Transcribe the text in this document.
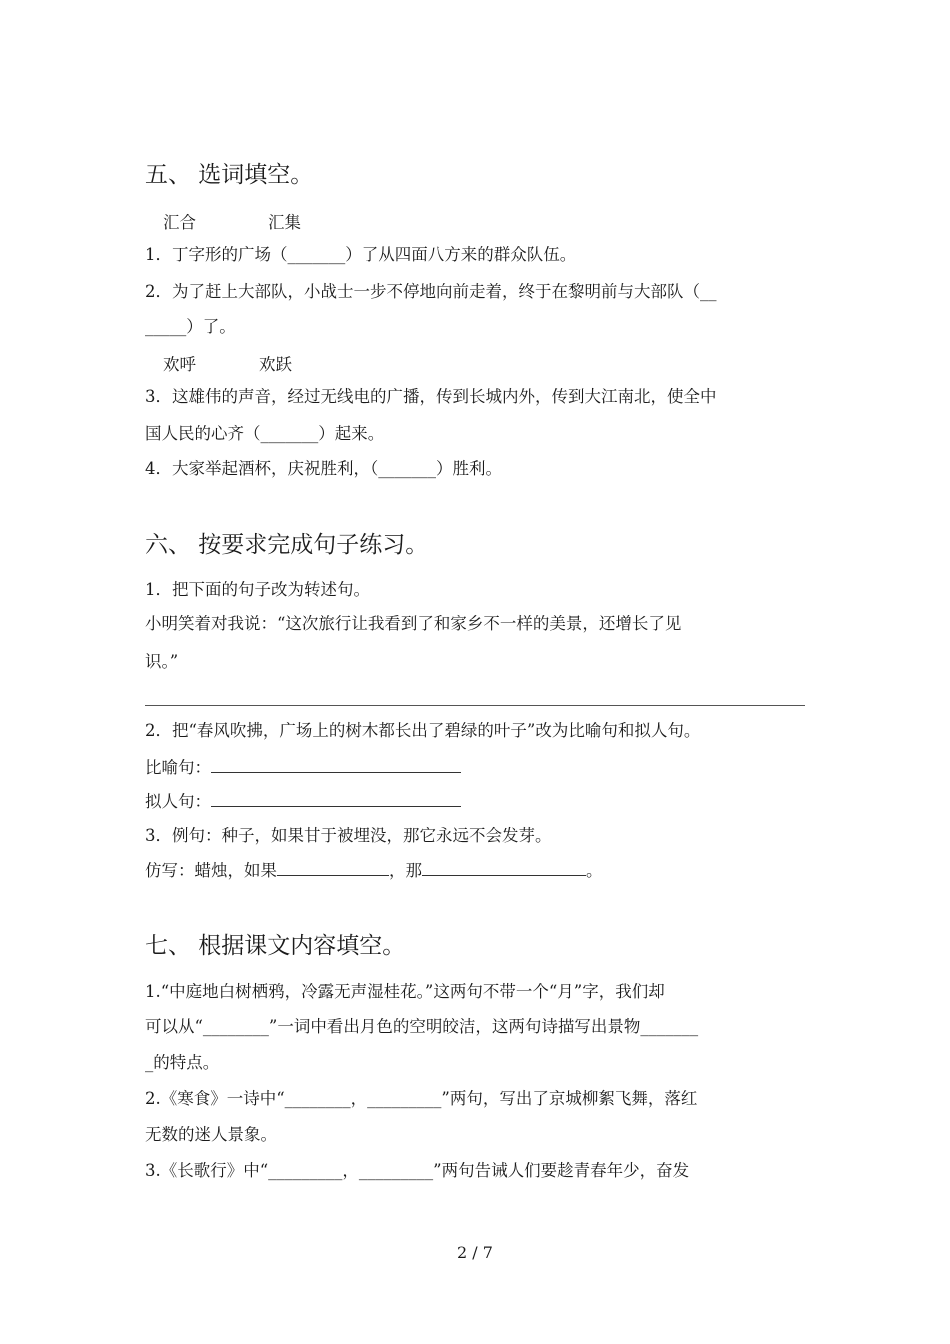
五、 选词填空。
汇合	汇集
1．丁字形的广场（_______）了从四面八方来的群众队伍。
2．为了赶上大部队，小战士一步不停地向前走着，终于在黎明前与大部队（__
_____）了。
欢呼	欢跃
3．这雄伟的声音，经过无线电的广播，传到长城内外，传到大江南北，使全中
国人民的心齐（_______）起来。
4．大家举起酒杯，庆祝胜利，（_______）胜利。
六、 按要求完成句子练习。
1．把下面的句子改为转述句。
小明笑着对我说：“这次旅行让我看到了和家乡不一样的美景，还增长了见
识。”
2．把“春风吹拂，广场上的树木都长出了碧绿的叶子”改为比喻句和拟人句。
比喻句：
拟人句：
3．例句：种子，如果甘于被埋没，那它永远不会发芽。
仿写：蜡烛，如果	，那	。
七、 根据课文内容填空。
1.“中庭地白树栖鸦，冷露无声湿桂花。”这两句不带一个“月”字，我们却
可以从“________”一词中看出月色的空明皎洁，这两句诗描写出景物_______
_的特点。
2.《寒食》一诗中“________，_________”两句，写出了京城柳絮飞舞，落红
无数的迷人景象。
3.《长歌行》中“_________，_________”两句告诫人们要趁青春年少，奋发
2 / 7
